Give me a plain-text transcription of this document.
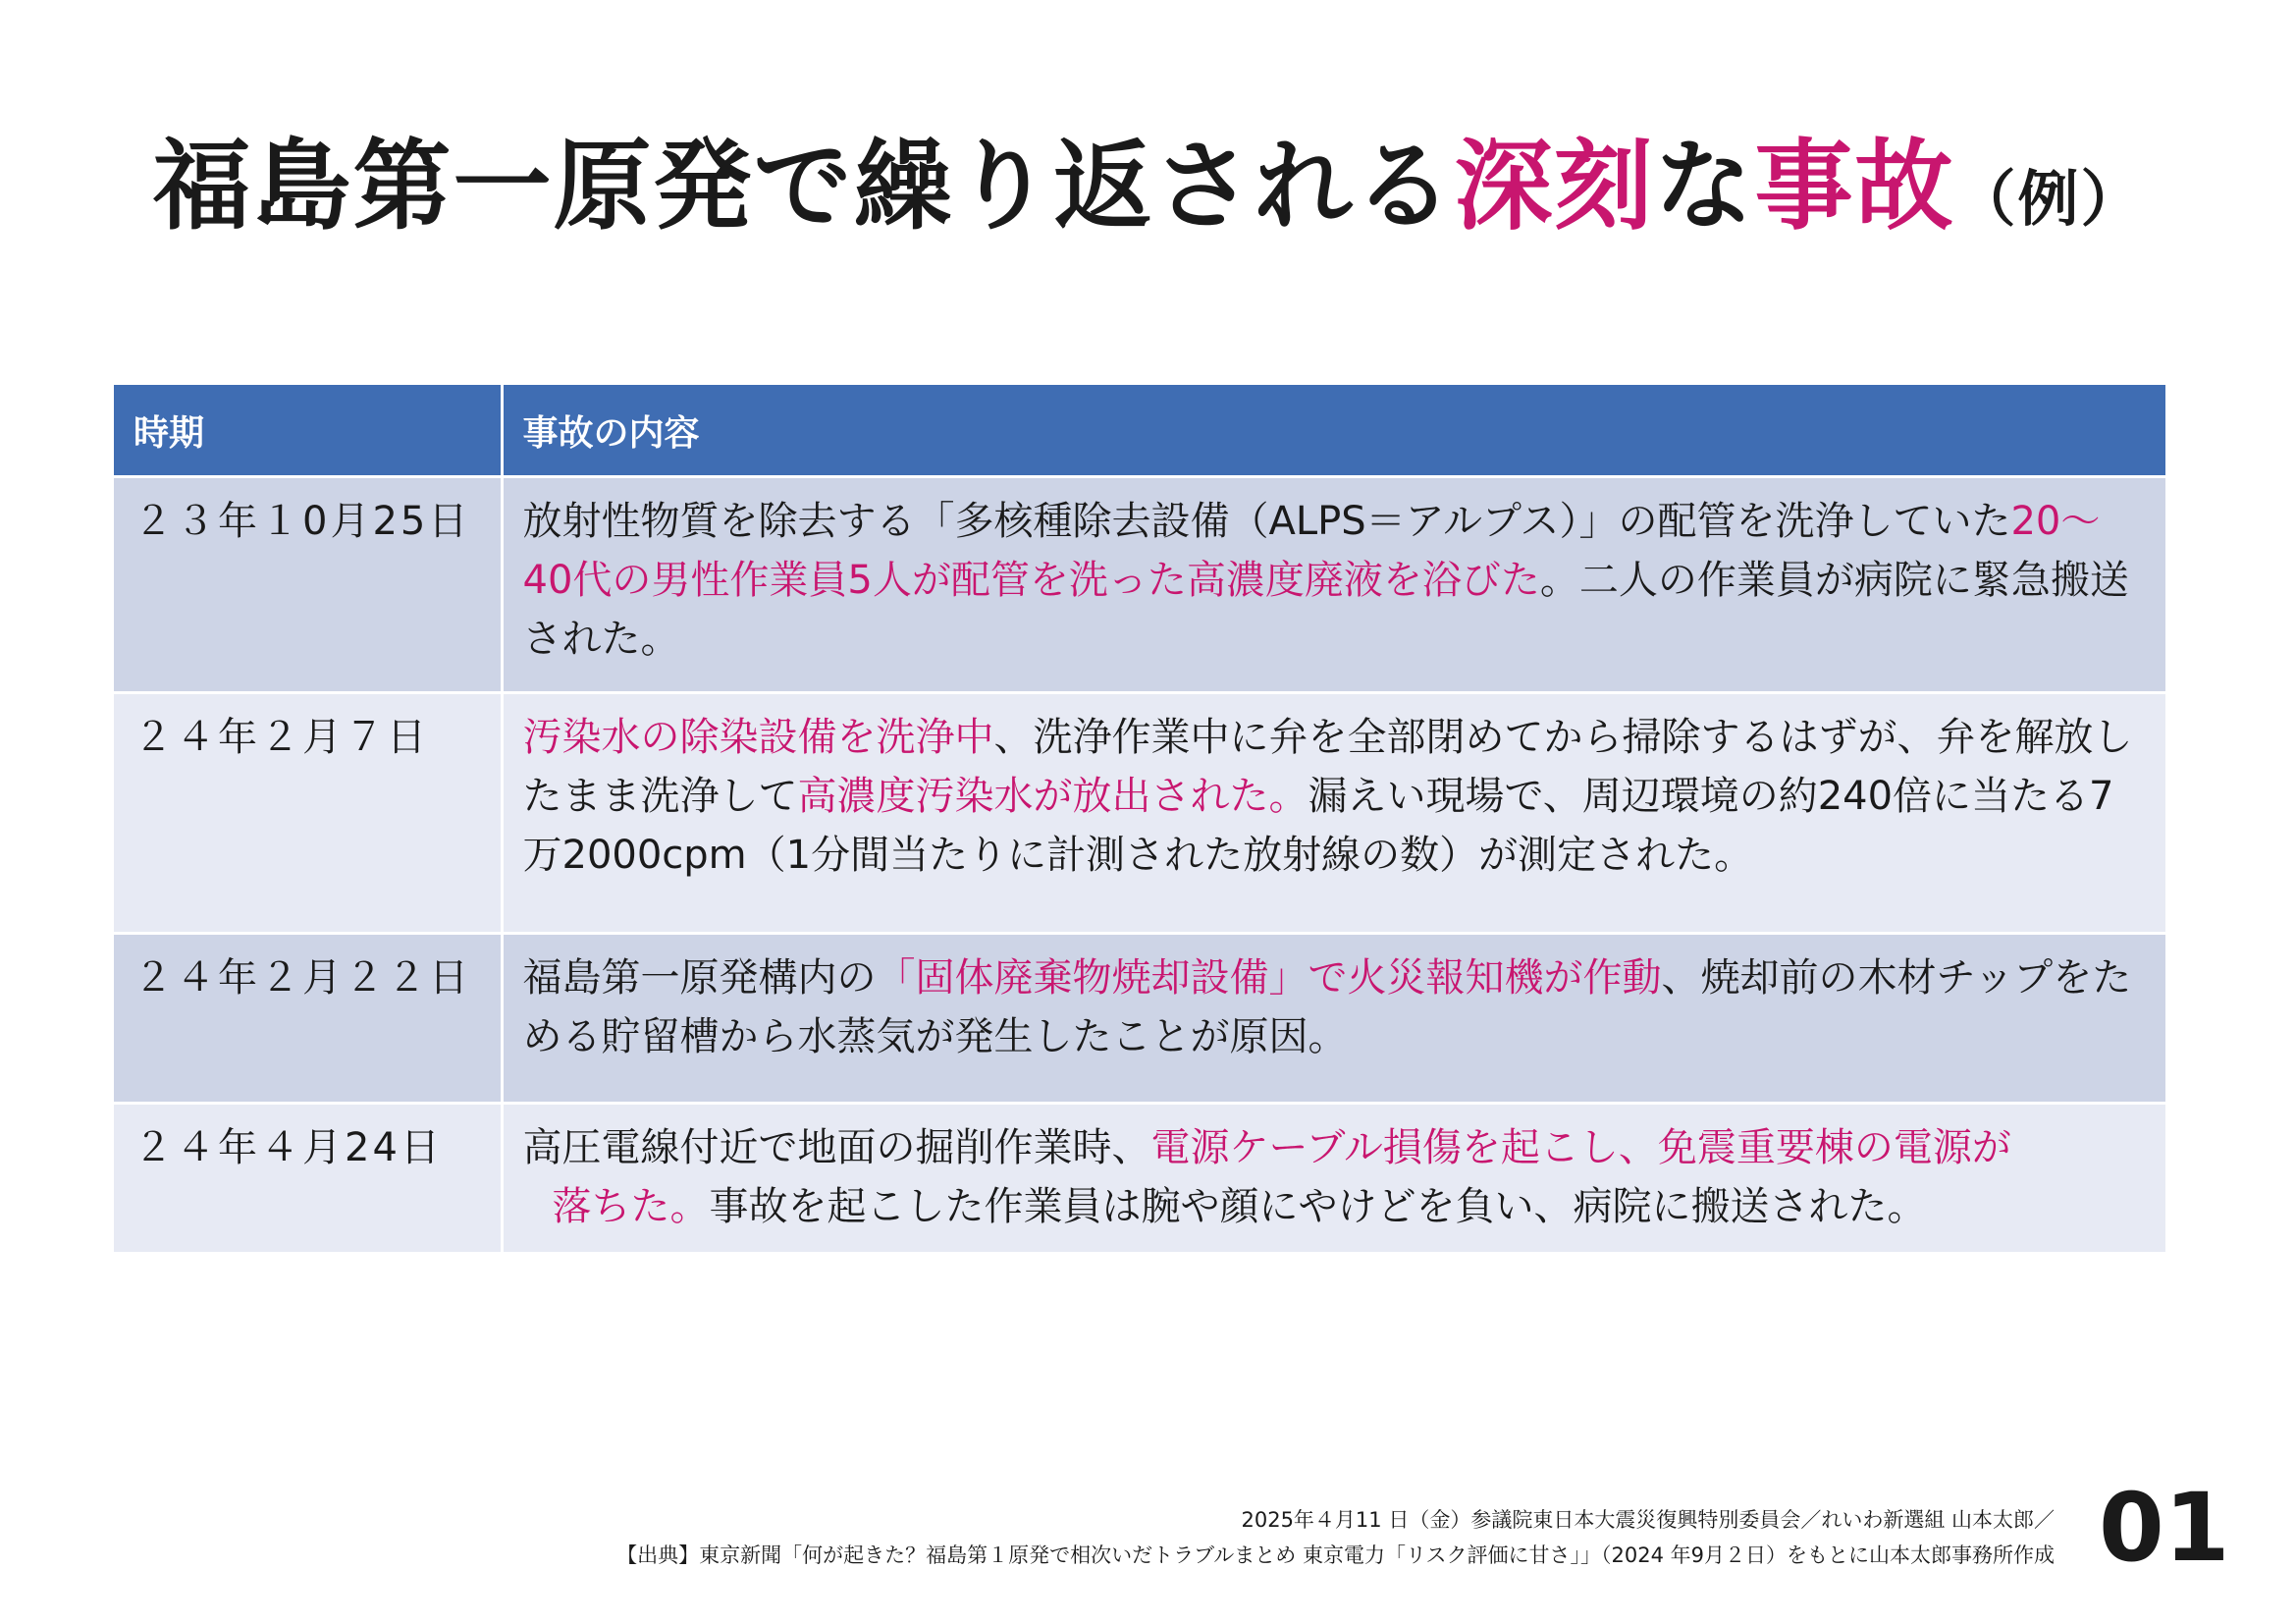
福島第一原発で繰り返される深刻な事故（例）
時期	事故の内容
２３年１0月25日	放射性物質を除去する「多核種除去設備（ALPS＝アルプス）」の配管を洗浄していた20～40代の男性作業員5人が配管を洗った高濃度廃液を浴びた。二人の作業員が病院に緊急搬送された。
２４年２月７日	汚染水の除染設備を洗浄中、洗浄作業中に弁を全部閉めてから掃除するはずが、弁を解放したまま洗浄して高濃度汚染水が放出された。漏えい現場で、周辺環境の約240倍に当たる7万2000cpm（1分間当たりに計測された放射線の数）が測定された。
２４年２月２２日	福島第一原発構内の「固体廃棄物焼却設備」で火災報知機が作動、焼却前の木材チップをためる貯留槽から水蒸気が発生したことが原因。
２４年４月24日	高圧電線付近で地面の掘削作業時、電源ケーブル損傷を起こし、免震重要棟の電源が
落ちた。事故を起こした作業員は腕や顔にやけどを負い、病院に搬送された。
2025年４月11 日（金）参議院東日本大震災復興特別委員会／れいわ新選組 山本太郎／
【出典】東京新聞「何が起きた？福島第１原発で相次いだトラブルまとめ 東京電力「リスク評価に甘さ」」（2024 年9月２日）をもとに山本太郎事務所作成 01
